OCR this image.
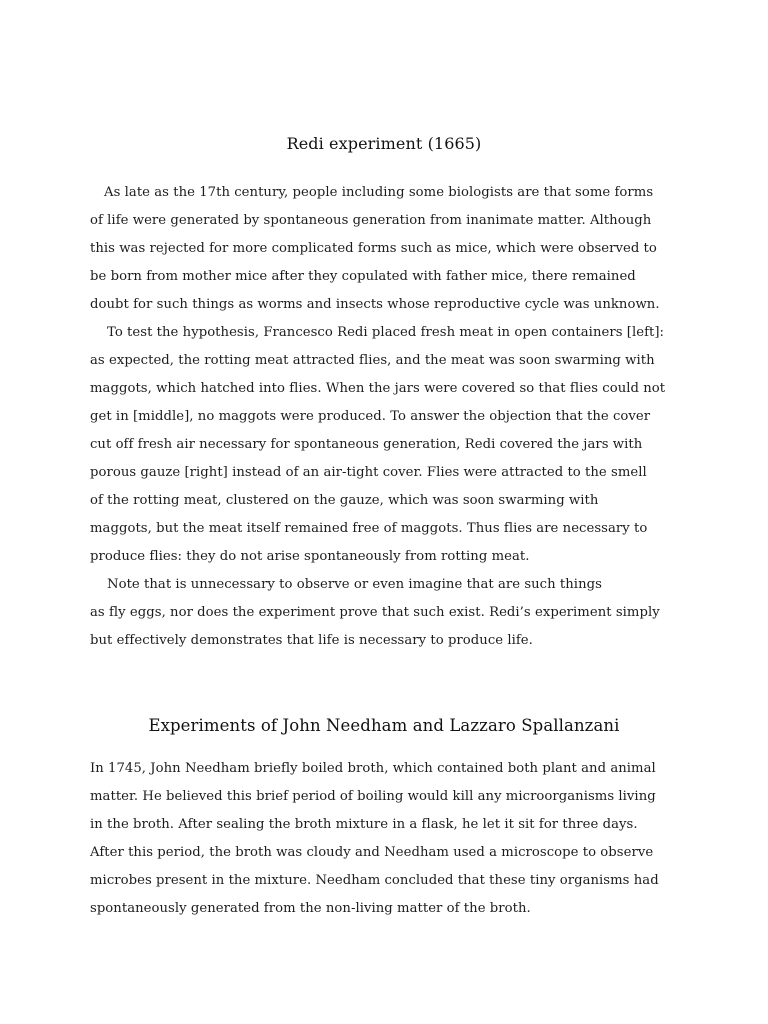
Redi experiment (1665)
As late as the 17th century, people including some biologists are that some forms
of life were generated by spontaneous generation from inanimate matter. Although
this was rejected for more complicated forms such as mice, which were observed to
be born from mother mice after they copulated with father mice, there remained
doubt for such things as worms and insects whose reproductive cycle was unknown.
To test the hypothesis, Francesco Redi placed fresh meat in open containers [left]:
as expected, the rotting meat attracted flies, and the meat was soon swarming with
maggots, which hatched into flies. When the jars were covered so that flies could not
get in [middle], no maggots were produced. To answer the objection that the cover
cut off fresh air necessary for spontaneous generation, Redi covered the jars with
porous gauze [right] instead of an air-tight cover. Flies were attracted to the smell
of the rotting meat, clustered on the gauze, which was soon swarming with
maggots, but the meat itself remained free of maggots. Thus flies are necessary to
produce flies: they do not arise spontaneously from rotting meat.
Note that is unnecessary to observe or even imagine that are such things
as fly eggs, nor does the experiment prove that such exist. Redi’s experiment simply
but effectively demonstrates that life is necessary to produce life.
Experiments of John Needham and Lazzaro Spallanzani
In 1745, John Needham briefly boiled broth, which contained both plant and animal
matter. He believed this brief period of boiling would kill any microorganisms living
in the broth. After sealing the broth mixture in a flask, he let it sit for three days.
After this period, the broth was cloudy and Needham used a microscope to observe
microbes present in the mixture. Needham concluded that these tiny organisms had
spontaneously generated from the non-living matter of the broth.
